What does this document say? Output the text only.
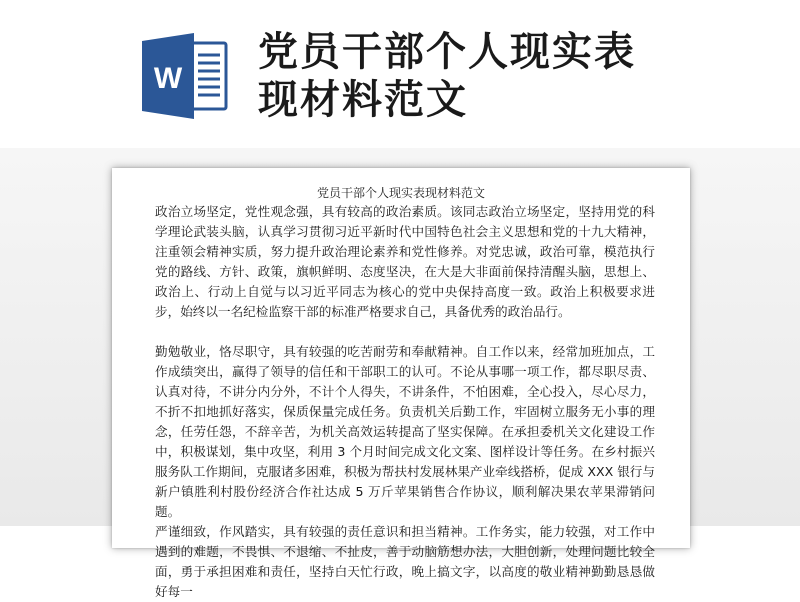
W
党员干部个人现实表
现材料范文
党员干部个人现实表现材料范文

政治立场坚定，党性观念强，具有较高的政治素质。该同志政治立场坚定，坚持用党的科学理论武装头脑，认真学习贯彻习近平新时代中国特色社会主义思想和党的十九大精神，注重领会精神实质，努力提升政治理论素养和党性修养。对党忠诚，政治可靠，模范执行党的路线、方针、政策，旗帜鲜明、态度坚决，在大是大非面前保持清醒头脑，思想上、政治上、行动上自觉与以习近平同志为核心的党中央保持高度一致。政治上积极要求进步，始终以一名纪检监察干部的标准严格要求自己，具备优秀的政治品行。

勤勉敬业，恪尽职守，具有较强的吃苦耐劳和奉献精神。自工作以来，经常加班加点，工作成绩突出，赢得了领导的信任和干部职工的认可。不论从事哪一项工作，都尽职尽责、认真对待，不讲分内分外，不计个人得失，不讲条件，不怕困难，全心投入，尽心尽力，不折不扣地抓好落实，保质保量完成任务。负责机关后勤工作，牢固树立服务无小事的理念，任劳任怨，不辞辛苦，为机关高效运转提高了坚实保障。在承担委机关文化建设工作中，积极谋划，集中攻坚，利用 3 个月时间完成文化文案、图样设计等任务。在乡村振兴服务队工作期间，克服诸多困难，积极为帮扶村发展林果产业牵线搭桥，促成 XXX 银行与新户镇胜利村股份经济合作社达成 5 万斤苹果销售合作协议，顺利解决果农苹果滞销问题。

严谨细致，作风踏实，具有较强的责任意识和担当精神。工作务实，能力较强，对工作中遇到的难题，不畏惧、不退缩、不扯皮，善于动脑筋想办法，大胆创新，处理问题比较全面，勇于承担困难和责任，坚持白天忙行政，晚上搞文字，以高度的敬业精神勤勤恳恳做好每一
